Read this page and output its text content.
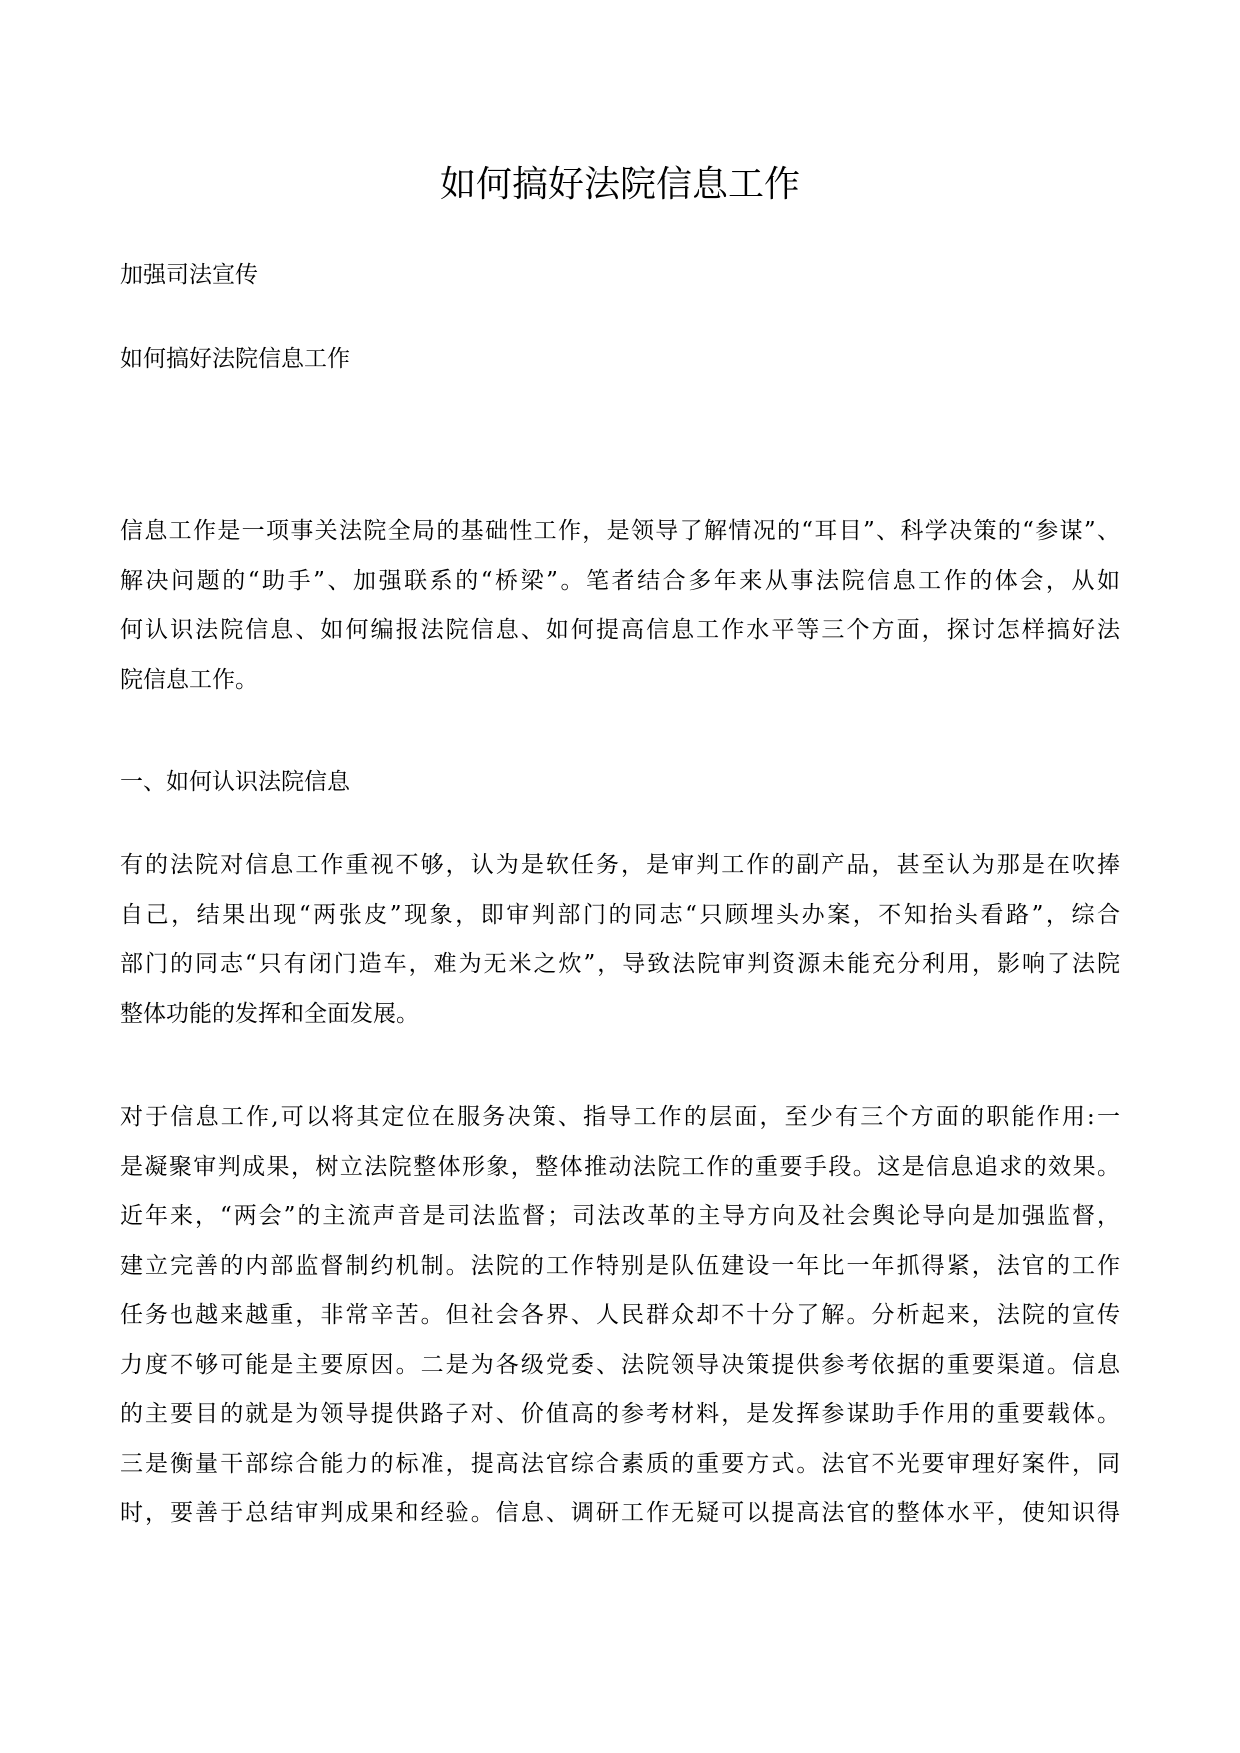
如何搞好法院信息工作

加强司法宣传

如何搞好法院信息工作

信息工作是一项事关法院全局的基础性工作，是领导了解情况的“耳目”、科学决策的“参谋”、
解决问题的“助手”、加强联系的“桥梁”。笔者结合多年来从事法院信息工作的体会，从如
何认识法院信息、如何编报法院信息、如何提高信息工作水平等三个方面，探讨怎样搞好法
院信息工作。

一、如何认识法院信息

有的法院对信息工作重视不够，认为是软任务，是审判工作的副产品，甚至认为那是在吹捧
自己，结果出现“两张皮”现象，即审判部门的同志“只顾埋头办案，不知抬头看路”，综合
部门的同志“只有闭门造车，难为无米之炊”，导致法院审判资源未能充分利用，影响了法院
整体功能的发挥和全面发展。
对于信息工作,可以将其定位在服务决策、指导工作的层面，至少有三个方面的职能作用:一
是凝聚审判成果，树立法院整体形象，整体推动法院工作的重要手段。这是信息追求的效果。
近年来，“两会”的主流声音是司法监督；司法改革的主导方向及社会舆论导向是加强监督，
建立完善的内部监督制约机制。法院的工作特别是队伍建设一年比一年抓得紧，法官的工作
任务也越来越重，非常辛苦。但社会各界、人民群众却不十分了解。分析起来，法院的宣传
力度不够可能是主要原因。二是为各级党委、法院领导决策提供参考依据的重要渠道。信息
的主要目的就是为领导提供路子对、价值高的参考材料，是发挥参谋助手作用的重要载体。
三是衡量干部综合能力的标准，提高法官综合素质的重要方式。法官不光要审理好案件，同
时，要善于总结审判成果和经验。信息、调研工作无疑可以提高法官的整体水平，使知识得
